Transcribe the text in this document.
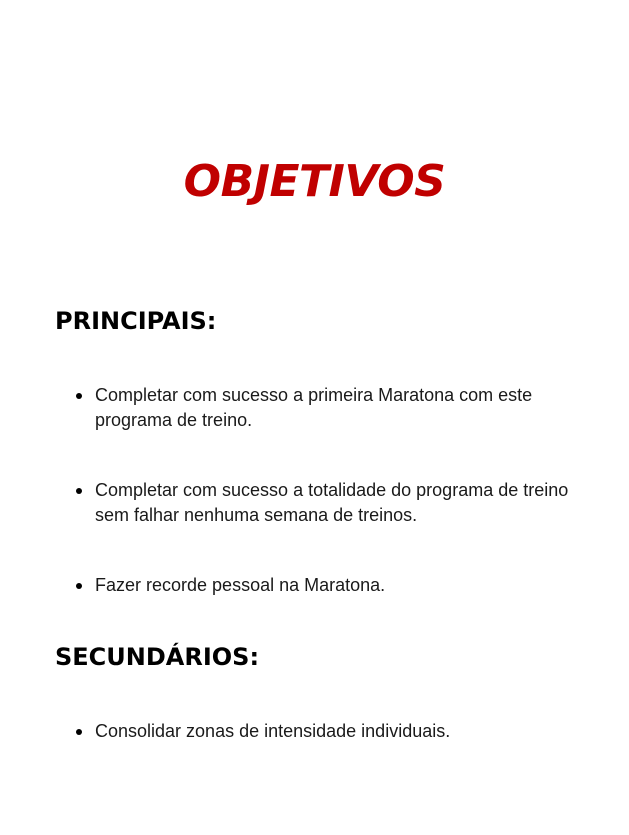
OBJETIVOS
PRINCIPAIS:
Completar com sucesso a primeira Maratona com este programa de treino.
Completar com sucesso a totalidade do programa de treino sem falhar nenhuma semana de treinos.
Fazer recorde pessoal na Maratona.
SECUNDÁRIOS:
Consolidar zonas de intensidade individuais.
